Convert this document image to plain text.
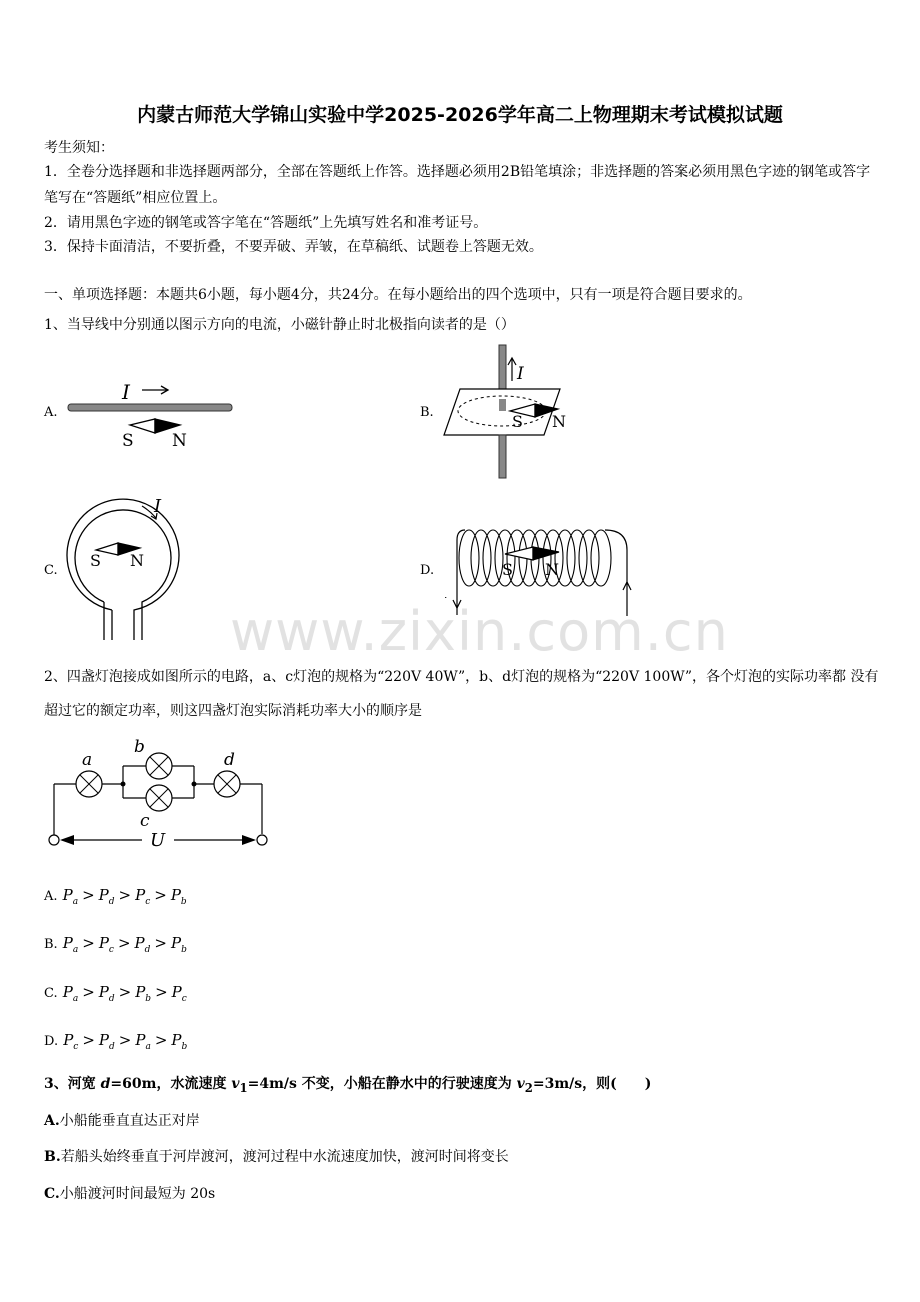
内蒙古师范大学锦山实验中学2025-2026学年高二上物理期末考试模拟试题
考生须知：
1．全卷分选择题和非选择题两部分，全部在答题纸上作答。选择题必须用2B铅笔填涂；非选择题的答案必须用黑色字迹的钢笔或答字笔写在“答题纸”相应位置上。
2．请用黑色字迹的钢笔或答字笔在“答题纸”上先填写姓名和准考证号。
3．保持卡面清洁，不要折叠，不要弄破、弄皱，在草稿纸、试题卷上答题无效。
一、单项选择题：本题共6小题，每小题4分，共24分。在每小题给出的四个选项中，只有一项是符合题目要求的。
1、当导线中分别通以图示方向的电流，小磁针静止时北极指向读者的是（）
A.	B.
C.	D.
I
S N
I
S N
I
S N	S N
www.zixin.com.cn
2、四盏灯泡接成如图所示的电路，a、c灯泡的规格为“220V 40W”，b、d灯泡的规格为“220V 100W”，各个灯泡的实际功率都 没有超过它的额定功率，则这四盏灯泡实际消耗功率大小的顺序是
a
b
c
d
U
A. $P_a > P_d > P_c > P_b$
B. $P_a > P_c > P_d > P_b$
C. $P_a > P_d > P_b > P_c$
D. $P_c > P_d > P_a > P_b$
3、河宽 d=60m，水流速度 $v_1=4m/s$ 不变，小船在静水中的行驶速度为 $v_2=3m/s$，则(　　)
A.小船能垂直直达正对岸
B.若船头始终垂直于河岸渡河，渡河过程中水流速度加快，渡河时间将变长
C.小船渡河时间最短为 20s
